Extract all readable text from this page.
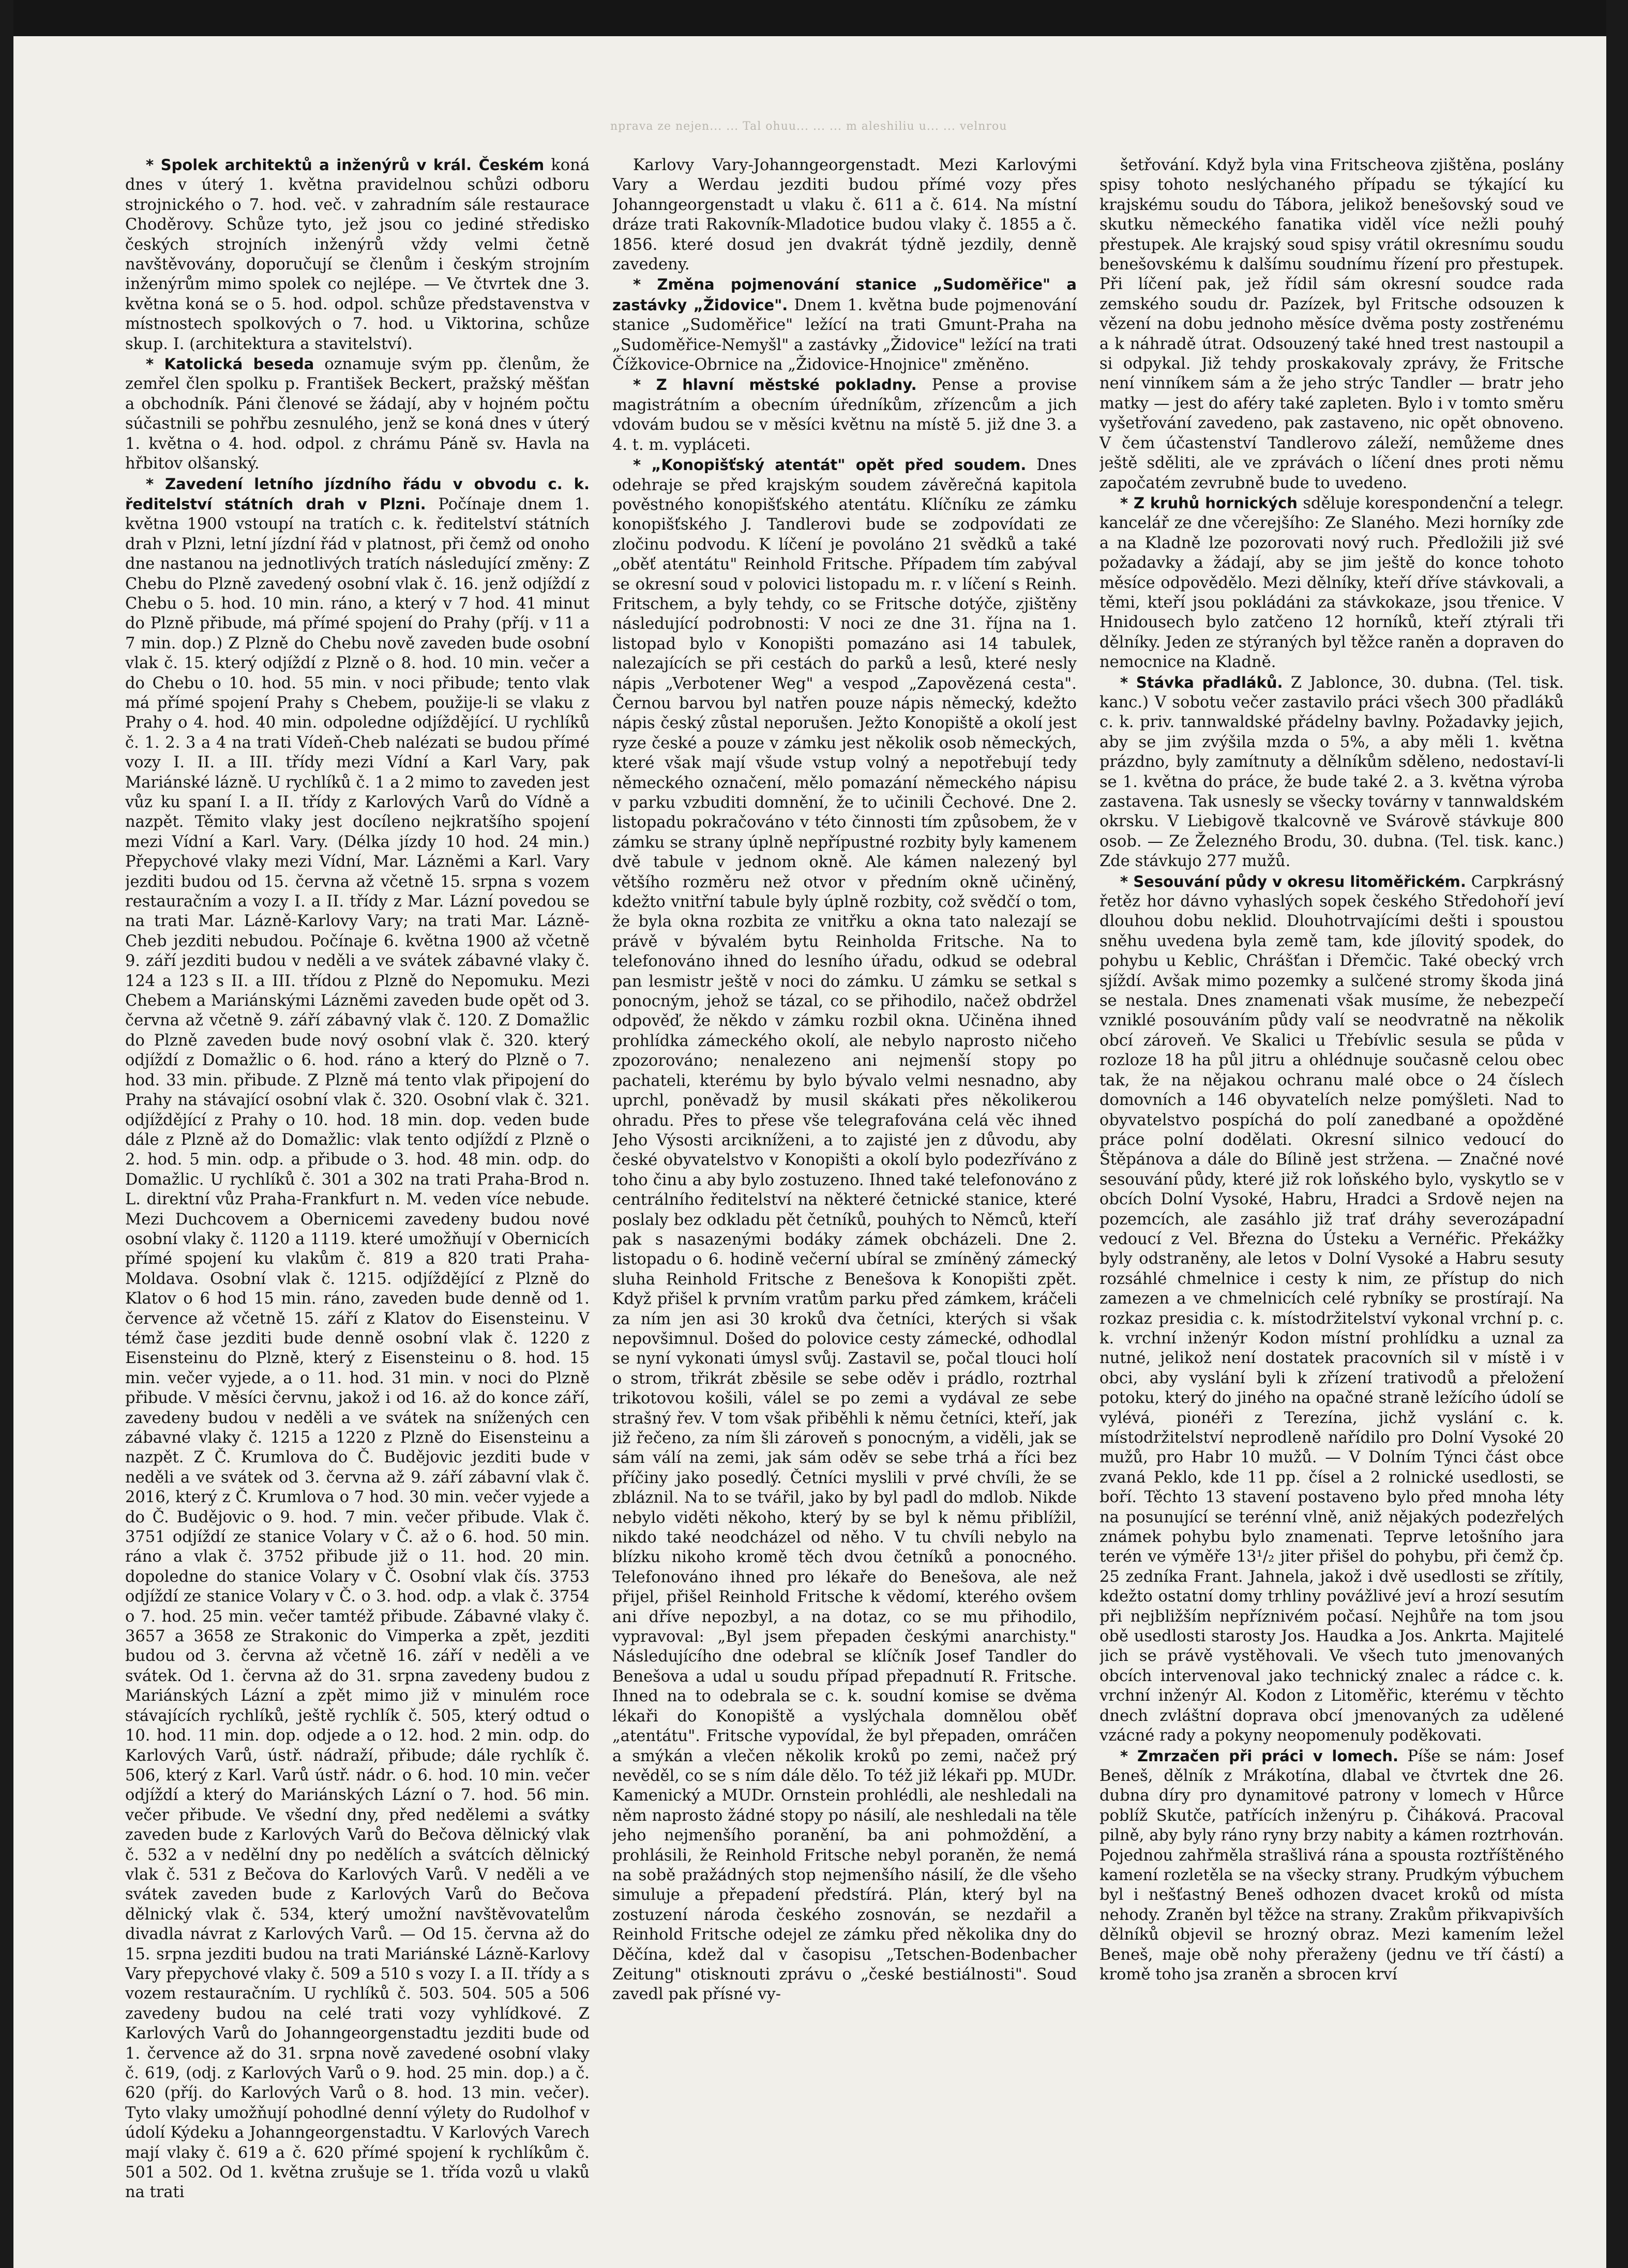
nprava ze nejen... ... Tal ohuu... ... ... m aleshiliu u... ... velnrou

* Spolek architektů a inženýrů v král. Českém koná dnes v úterý 1. května pravidelnou schůzi odboru strojnického o 7. hod. več. v zahradním sále restaurace Choděrovy. Schůze tyto, jež jsou co jediné středisko českých strojních inženýrů vždy velmi četně navštěvovány, doporučují se členům i českým strojním inženýrům mimo spolek co nejlépe. — Ve čtvrtek dne 3. května koná se o 5. hod. odpol. schůze představenstva v místnostech spolkových o 7. hod. u Viktorina, schůze skup. I. (architektura a stavitelství).

* Katolická beseda oznamuje svým pp. členům, že zemřel člen spolku p. František Beckert, pražský měšťan a obchodník. Páni členové se žádají, aby v hojném počtu súčastnili se pohřbu zesnulého, jenž se koná dnes v úterý 1. května o 4. hod. odpol. z chrámu Páně sv. Havla na hřbitov olšanský.

* Zavedení letního jízdního řádu v obvodu c. k. ředitelství státních drah v Plzni. Počínaje dnem 1. května 1900 vstoupí na tratích c. k. ředitelství státních drah v Plzni, letní jízdní řád v platnost, při čemž od onoho dne nastanou na jednotlivých tratích následující změny: Z Chebu do Plzně zavedený osobní vlak č. 16. jenž odjíždí z Chebu o 5. hod. 10 min. ráno, a který v 7 hod. 41 minut do Plzně přibude, má přímé spojení do Prahy (příj. v 11 a 7 min. dop.) Z Plzně do Chebu nově zaveden bude osobní vlak č. 15. který odjíždí z Plzně o 8. hod. 10 min. večer a do Chebu o 10. hod. 55 min. v noci přibude; tento vlak má přímé spojení Prahy s Chebem, použije-li se vlaku z Prahy o 4. hod. 40 min. odpoledne odjíždějící. U rychlíků č. 1. 2. 3 a 4 na trati Vídeň-Cheb nalézati se budou přímé vozy I. II. a III. třídy mezi Vídní a Karl Vary, pak Mariánské lázně. U rychlíků č. 1 a 2 mimo to zaveden jest vůz ku spaní I. a II. třídy z Karlových Varů do Vídně a nazpět. Těmito vlaky jest docíleno nejkratšího spojení mezi Vídní a Karl. Vary. (Délka jízdy 10 hod. 24 min.) Přepychové vlaky mezi Vídní, Mar. Lázněmi a Karl. Vary jezditi budou od 15. června až včetně 15. srpna s vozem restauračním a vozy I. a II. třídy z Mar. Lázní povedou se na trati Mar. Lázně-Karlovy Vary; na trati Mar. Lázně-Cheb jezditi nebudou. Počínaje 6. května 1900 až včetně 9. září jezditi budou v neděli a ve svátek zábavné vlaky č. 124 a 123 s II. a III. třídou z Plzně do Nepomuku. Mezi Chebem a Mariánskými Lázněmi zaveden bude opět od 3. června až včetně 9. září zábavný vlak č. 120. Z Domažlic do Plzně zaveden bude nový osobní vlak č. 320. který odjíždí z Domažlic o 6. hod. ráno a který do Plzně o 7. hod. 33 min. přibude. Z Plzně má tento vlak připojení do Prahy na stávající osobní vlak č. 320. Osobní vlak č. 321. odjíždějící z Prahy o 10. hod. 18 min. dop. veden bude dále z Plzně až do Domažlic: vlak tento odjíždí z Plzně o 2. hod. 5 min. odp. a přibude o 3. hod. 48 min. odp. do Domažlic. U rychlíků č. 301 a 302 na trati Praha-Brod n. L. direktní vůz Praha-Frankfurt n. M. veden více nebude. Mezi Duchcovem a Obernicemi zavedeny budou nové osobní vlaky č. 1120 a 1119. které umožňují v Obernicích přímé spojení ku vlakům č. 819 a 820 trati Praha-Moldava. Osobní vlak č. 1215. odjíždějící z Plzně do Klatov o 6 hod 15 min. ráno, zaveden bude denně od 1. července až včetně 15. září z Klatov do Eisensteinu. V témž čase jezditi bude denně osobní vlak č. 1220 z Eisensteinu do Plzně, který z Eisensteinu o 8. hod. 15 min. večer vyjede, a o 11. hod. 31 min. v noci do Plzně přibude. V měsíci červnu, jakož i od 16. až do konce září, zavedeny budou v neděli a ve svátek na snížených cen zábavné vlaky č. 1215 a 1220 z Plzně do Eisensteinu a nazpět. Z Č. Krumlova do Č. Budějovic jezditi bude v neděli a ve svátek od 3. června až 9. září zábavní vlak č. 2016, který z Č. Krumlova o 7 hod. 30 min. večer vyjede a do Č. Budějovic o 9. hod. 7 min. večer přibude. Vlak č. 3751 odjíždí ze stanice Volary v Č. až o 6. hod. 50 min. ráno a vlak č. 3752 přibude již o 11. hod. 20 min. dopoledne do stanice Volary v Č. Osobní vlak čís. 3753 odjíždí ze stanice Volary v Č. o 3. hod. odp. a vlak č. 3754 o 7. hod. 25 min. večer tamtéž přibude. Zábavné vlaky č. 3657 a 3658 ze Strakonic do Vimperka a zpět, jezditi budou od 3. června až včetně 16. září v neděli a ve svátek. Od 1. června až do 31. srpna zavedeny budou z Mariánských Lázní a zpět mimo již v minulém roce stávajících rychlíků, ještě rychlík č. 505, který odtud o 10. hod. 11 min. dop. odjede a o 12. hod. 2 min. odp. do Karlových Varů, ústř. nádraží, přibude; dále rychlík č. 506, který z Karl. Varů ústř. nádr. o 6. hod. 10 min. večer odjíždí a který do Mariánských Lázní o 7. hod. 56 min. večer přibude. Ve všední dny, před nedělemi a svátky zaveden bude z Karlových Varů do Bečova dělnický vlak č. 532 a v nedělní dny po nedělích a svátcích dělnický vlak č. 531 z Bečova do Karlových Varů. V neděli a ve svátek zaveden bude z Karlových Varů do Bečova dělnický vlak č. 534, který umožní navštěvovatelům divadla návrat z Karlových Varů. — Od 15. června až do 15. srpna jezditi budou na trati Mariánské Lázně-Karlovy Vary přepychové vlaky č. 509 a 510 s vozy I. a II. třídy a s vozem restauračním. U rychlíků č. 503. 504. 505 a 506 zavedeny budou na celé trati vozy vyhlídkové. Z Karlových Varů do Johanngeorgenstadtu jezditi bude od 1. července až do 31. srpna nově zavedené osobní vlaky č. 619, (odj. z Karlových Varů o 9. hod. 25 min. dop.) a č. 620 (příj. do Karlových Varů o 8. hod. 13 min. večer). Tyto vlaky umožňují pohodlné denní výlety do Rudolhof v údolí Kýdeku a Johanngeorgenstadtu. V Karlových Varech mají vlaky č. 619 a č. 620 přímé spojení k rychlíkům č. 501 a 502. Od 1. května zrušuje se 1. třída vozů u vlaků na trati

Karlovy Vary-Johanngeorgenstadt. Mezi Karlovými Vary a Werdau jezditi budou přímé vozy přes Johanngeorgenstadt u vlaku č. 611 a č. 614. Na místní dráze trati Rakovník-Mladotice budou vlaky č. 1855 a č. 1856. které dosud jen dvakrát týdně jezdily, denně zavedeny.

* Změna pojmenování stanice „Sudoměřice" a zastávky „Židovice". Dnem 1. května bude pojmenování stanice „Sudoměřice" ležící na trati Gmunt-Praha na „Sudoměřice-Nemyšl" a zastávky „Židovice" ležící na trati Čížkovice-Obrnice na „Židovice-Hnojnice" změněno.

* Z hlavní městské pokladny. Pense a provise magistrátním a obecním úředníkům, zřízencům a jich vdovám budou se v měsíci květnu na místě 5. již dne 3. a 4. t. m. vypláceti.

* „Konopišťský atentát" opět před soudem. Dnes odehraje se před krajským soudem závěrečná kapitola pověstného konopišťského atentátu. Klíčníku ze zámku konopišťského J. Tandlerovi bude se zodpovídati ze zločinu podvodu. K líčení je povoláno 21 svědků a také „oběť atentátu" Reinhold Fritsche. Případem tím zabýval se okresní soud v polovici listopadu m. r. v líčení s Reinh. Fritschem, a byly tehdy, co se Fritsche dotýče, zjištěny následující podrobnosti: V noci ze dne 31. října na 1. listopad bylo v Konopišti pomazáno asi 14 tabulek, nalezajících se při cestách do parků a lesů, které nesly nápis „Verbotener Weg" a vespod „Zapovězená cesta". Černou barvou byl natřen pouze nápis německý, kdežto nápis český zůstal neporušen. Ježto Konopiště a okolí jest ryze české a pouze v zámku jest několik osob německých, které však mají všude vstup volný a nepotřebují tedy německého označení, mělo pomazání německého nápisu v parku vzbuditi domnění, že to učinili Čechové. Dne 2. listopadu pokračováno v této činnosti tím způsobem, že v zámku se strany úplně nepřípustné rozbity byly kamenem dvě tabule v jednom okně. Ale kámen nalezený byl většího rozměru než otvor v předním okně učiněný, kdežto vnitřní tabule byly úplně rozbity, což svědčí o tom, že byla okna rozbita ze vnitřku a okna tato nalezají se právě v bývalém bytu Reinholda Fritsche. Na to telefonováno ihned do lesního úřadu, odkud se odebral pan lesmistr ještě v noci do zámku. U zámku se setkal s ponocným, jehož se tázal, co se přihodilo, načež obdržel odpověď, že někdo v zámku rozbil okna. Učiněna ihned prohlídka zámeckého okolí, ale nebylo naprosto ničeho zpozorováno; nenalezeno ani nejmenší stopy po pachateli, kterému by bylo bývalo velmi nesnadno, aby uprchl, poněvadž by musil skákati přes několikerou ohradu. Přes to přese vše telegrafována celá věc ihned Jeho Výsosti arcikníženi, a to zajisté jen z důvodu, aby české obyvatelstvo v Konopišti a okolí bylo podezříváno z toho činu a aby bylo zostuzeno. Ihned také telefonováno z centrálního ředitelství na některé četnické stanice, které poslaly bez odkladu pět četníků, pouhých to Němců, kteří pak s nasazenými bodáky zámek obcházeli. Dne 2. listopadu o 6. hodině večerní ubíral se zmíněný zámecký sluha Reinhold Fritsche z Benešova k Konopišti zpět. Když přišel k prvním vratům parku před zámkem, kráčeli za ním jen asi 30 kroků dva četníci, kterých si však nepovšimnul. Došed do polovice cesty zámecké, odhodlal se nyní vykonati úmysl svůj. Zastavil se, počal tlouci holí o strom, třikrát zběsile se sebe oděv i prádlo, roztrhal trikotovou košili, válel se po zemi a vydával ze sebe strašný řev. V tom však přiběhli k němu četníci, kteří, jak již řečeno, za ním šli zároveň s ponocným, a viděli, jak se sám válí na zemi, jak sám oděv se sebe trhá a říci bez příčiny jako posedlý. Četníci myslili v prvé chvíli, že se zbláznil. Na to se tvářil, jako by byl padl do mdlob. Nikde nebylo viděti někoho, který by se byl k němu přiblížil, nikdo také neodcházel od něho. V tu chvíli nebylo na blízku nikoho kromě těch dvou četníků a ponocného. Telefonováno ihned pro lékaře do Benešova, ale než přijel, přišel Reinhold Fritsche k vědomí, kterého ovšem ani dříve nepozbyl, a na dotaz, co se mu přihodilo, vypravoval: „Byl jsem přepaden českými anarchisty." Následujícího dne odebral se klíčník Josef Tandler do Benešova a udal u soudu případ přepadnutí R. Fritsche. Ihned na to odebrala se c. k. soudní komise se dvěma lékaři do Konopiště a vyslýchala domnělou oběť „atentátu". Fritsche vypovídal, že byl přepaden, omráčen a smýkán a vlečen několik kroků po zemi, načež prý nevěděl, co se s ním dále dělo. To též již lékaři pp. MUDr. Kamenický a MUDr. Ornstein prohlédli, ale neshledali na něm naprosto žádné stopy po násilí, ale neshledali na těle jeho nejmenšího poranění, ba ani pohmoždění, a prohlásili, že Reinhold Fritsche nebyl poraněn, že nemá na sobě pražádných stop nejmenšího násilí, že dle všeho simuluje a přepadení předstírá. Plán, který byl na zostuzení národa českého zosnován, se nezdařil a Reinhold Fritsche odejel ze zámku před několika dny do Děčína, kdež dal v časopisu „Tetschen-Bodenbacher Zeitung" otisknouti zprávu o „české bestiálnosti". Soud zavedl pak přísné vy-

šetřování. Když byla vina Fritscheova zjištěna, poslány spisy tohoto neslýchaného případu se týkající ku krajskému soudu do Tábora, jelikož benešovský soud ve skutku německého fanatika viděl více nežli pouhý přestupek. Ale krajský soud spisy vrátil okresnímu soudu benešovskému k dalšímu soudnímu řízení pro přestupek. Při líčení pak, jež řídil sám okresní soudce rada zemského soudu dr. Pazízek, byl Fritsche odsouzen k vězení na dobu jednoho měsíce dvěma posty zostřenému a k náhradě útrat. Odsouzený také hned trest nastoupil a si odpykal. Již tehdy proskakovaly zprávy, že Fritsche není vinníkem sám a že jeho strýc Tandler — bratr jeho matky — jest do aféry také zapleten. Bylo i v tomto směru vyšetřování zavedeno, pak zastaveno, nic opět obnoveno. V čem účastenství Tandlerovo záleží, nemůžeme dnes ještě sděliti, ale ve zprávách o líčení dnes proti němu započatém zevrubně bude to uvedeno.

* Z kruhů hornických sděluje korespondenční a telegr. kancelář ze dne včerejšího: Ze Slaného. Mezi horníky zde a na Kladně lze pozorovati nový ruch. Předložili již své požadavky a žádají, aby se jim ještě do konce tohoto měsíce odpovědělo. Mezi dělníky, kteří dříve stávkovali, a těmi, kteří jsou pokládáni za stávkokaze, jsou třenice. V Hnidousech bylo zatčeno 12 horníků, kteří ztýrali tři dělníky. Jeden ze stýraných byl těžce raněn a dopraven do nemocnice na Kladně.

* Stávka přadláků. Z Jablonce, 30. dubna. (Tel. tisk. kanc.) V sobotu večer zastavilo práci všech 300 přadláků c. k. priv. tannwaldské přádelny bavlny. Požadavky jejich, aby se jim zvýšila mzda o 5%, a aby měli 1. května prázdno, byly zamítnuty a dělníkům sděleno, nedostaví-li se 1. května do práce, že bude také 2. a 3. května výroba zastavena. Tak usnesly se všecky továrny v tannwaldském okrsku. V Liebigově tkalcovně ve Svárově stávkuje 800 osob. — Ze Železného Brodu, 30. dubna. (Tel. tisk. kanc.) Zde stávkujo 277 mužů.

* Sesouvání půdy v okresu litoměřickém. Carpkrásný řetěz hor dávno vyhaslých sopek českého Středohoří jeví dlouhou dobu neklid. Dlouhotrvajícími dešti i spoustou sněhu uvedena byla země tam, kde jílovitý spodek, do pohybu u Keblic, Chrášťan i Dřemčic. Také obecký vrch sjíždí. Avšak mimo pozemky a sulčené stromy škoda jiná se nestala. Dnes znamenati však musíme, že nebezpečí vzniklé posouváním půdy valí se neodvratně na několik obcí zároveň. Ve Skalici u Třebívlic sesula se půda v rozloze 18 ha půl jitru a ohlédnuje současně celou obec tak, že na nějakou ochranu malé obce o 24 číslech domovních a 146 obyvatelích nelze pomýšleti. Nad to obyvatelstvo pospíchá do polí zanedbané a opožděné práce polní dodělati. Okresní silnico vedoucí do Štěpánova a dále do Bílině jest stržena. — Značné nové sesouvání půdy, které již rok loňského bylo, vyskytlo se v obcích Dolní Vysoké, Habru, Hradci a Srdově nejen na pozemcích, ale zasáhlo již trať dráhy severozápadní vedoucí z Vel. Března do Ústeku a Vernéřic. Překážky byly odstraněny, ale letos v Dolní Vysoké a Habru sesuty rozsáhlé chmelnice i cesty k nim, ze přístup do nich zamezen a ve chmelnicích celé rybníky se prostírají. Na rozkaz presidia c. k. místodržitelství vykonal vrchní p. c. k. vrchní inženýr Kodon místní prohlídku a uznal za nutné, jelikož není dostatek pracovních sil v místě i v obci, aby vyslání byli k zřízení trativodů a přeložení potoku, který do jiného na opačné straně ležícího údolí se vylévá, pionéři z Terezína, jichž vyslání c. k. místodržitelství neprodleně nařídilo pro Dolní Vysoké 20 mužů, pro Habr 10 mužů. — V Dolním Týnci část obce zvaná Peklo, kde 11 pp. čísel a 2 rolnické usedlosti, se boří. Těchto 13 stavení postaveno bylo před mnoha léty na posunující se terénní vlně, aniž nějakých podezřelých známek pohybu bylo znamenati. Teprve letošního jara terén ve výměře 13¹/₂ jiter přišel do pohybu, při čemž čp. 25 zedníka Frant. Jahnela, jakož i dvě usedlosti se zřítily, kdežto ostatní domy trhliny povážlivé jeví a hrozí sesutím při nejbližším nepříznivém počasí. Nejhůře na tom jsou obě usedlosti starosty Jos. Haudka a Jos. Ankrta. Majitelé jich se právě vystěhovali. Ve všech tuto jmenovaných obcích intervenoval jako technický znalec a rádce c. k. vrchní inženýr Al. Kodon z Litoměřic, kterému v těchto dnech zvláštní doprava obcí jmenovaných za udělené vzácné rady a pokyny neopomenuly poděkovati.

* Zmrzačen při práci v lomech. Píše se nám: Josef Beneš, dělník z Mrákotína, dlabal ve čtvrtek dne 26. dubna díry pro dynamitové patrony v lomech v Hůrce poblíž Skutče, patřících inženýru p. Čiháková. Pracoval pilně, aby byly ráno ryny brzy nabity a kámen roztrhován. Pojednou zahřměla strašlivá rána a spousta roztříštěného kamení rozletěla se na všecky strany. Prudkým výbuchem byl i nešťastný Beneš odhozen dvacet kroků od místa nehody. Zraněn byl těžce na strany. Zrakům přikvapivších dělníků objevil se hrozný obraz. Mezi kamením ležel Beneš, maje obě nohy přeraženy (jednu ve tří částí) a kromě toho jsa zraněn a sbrocen krví
